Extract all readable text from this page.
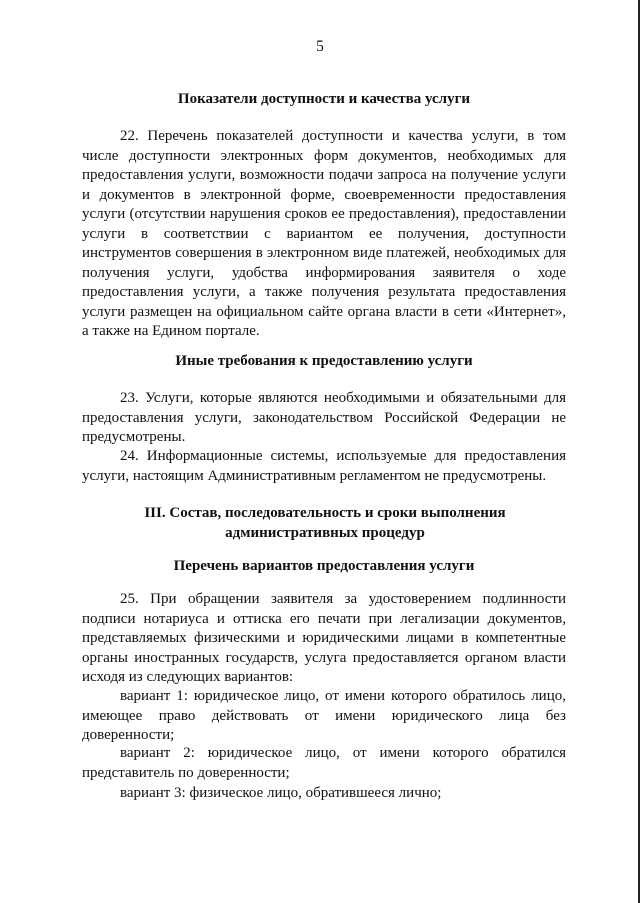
5
Показатели доступности и качества услуги
22. Перечень показателей доступности и качества услуги, в том числе доступности электронных форм документов, необходимых для предоставления услуги, возможности подачи запроса на получение услуги и документов в электронной форме, своевременности предоставления услуги (отсутствии нарушения сроков ее предоставления), предоставлении услуги в соответствии с вариантом ее получения, доступности инструментов совершения в электронном виде платежей, необходимых для получения услуги, удобства информирования заявителя о ходе предоставления услуги, а также получения результата предоставления услуги размещен на официальном сайте органа власти в сети «Интернет», а также на Едином портале.
Иные требования к предоставлению услуги
23. Услуги, которые являются необходимыми и обязательными для предоставления услуги, законодательством Российской Федерации не предусмотрены.
24. Информационные системы, используемые для предоставления услуги, настоящим Административным регламентом не предусмотрены.
III. Состав, последовательность и сроки выполнения административных процедур
Перечень вариантов предоставления услуги
25. При обращении заявителя за удостоверением подлинности подписи нотариуса и оттиска его печати при легализации документов, представляемых физическими и юридическими лицами в компетентные органы иностранных государств, услуга предоставляется органом власти исходя из следующих вариантов:
вариант 1: юридическое лицо, от имени которого обратилось лицо, имеющее право действовать от имени юридического лица без доверенности;
вариант 2: юридическое лицо, от имени которого обратился представитель по доверенности;
вариант 3: физическое лицо, обратившееся лично;
